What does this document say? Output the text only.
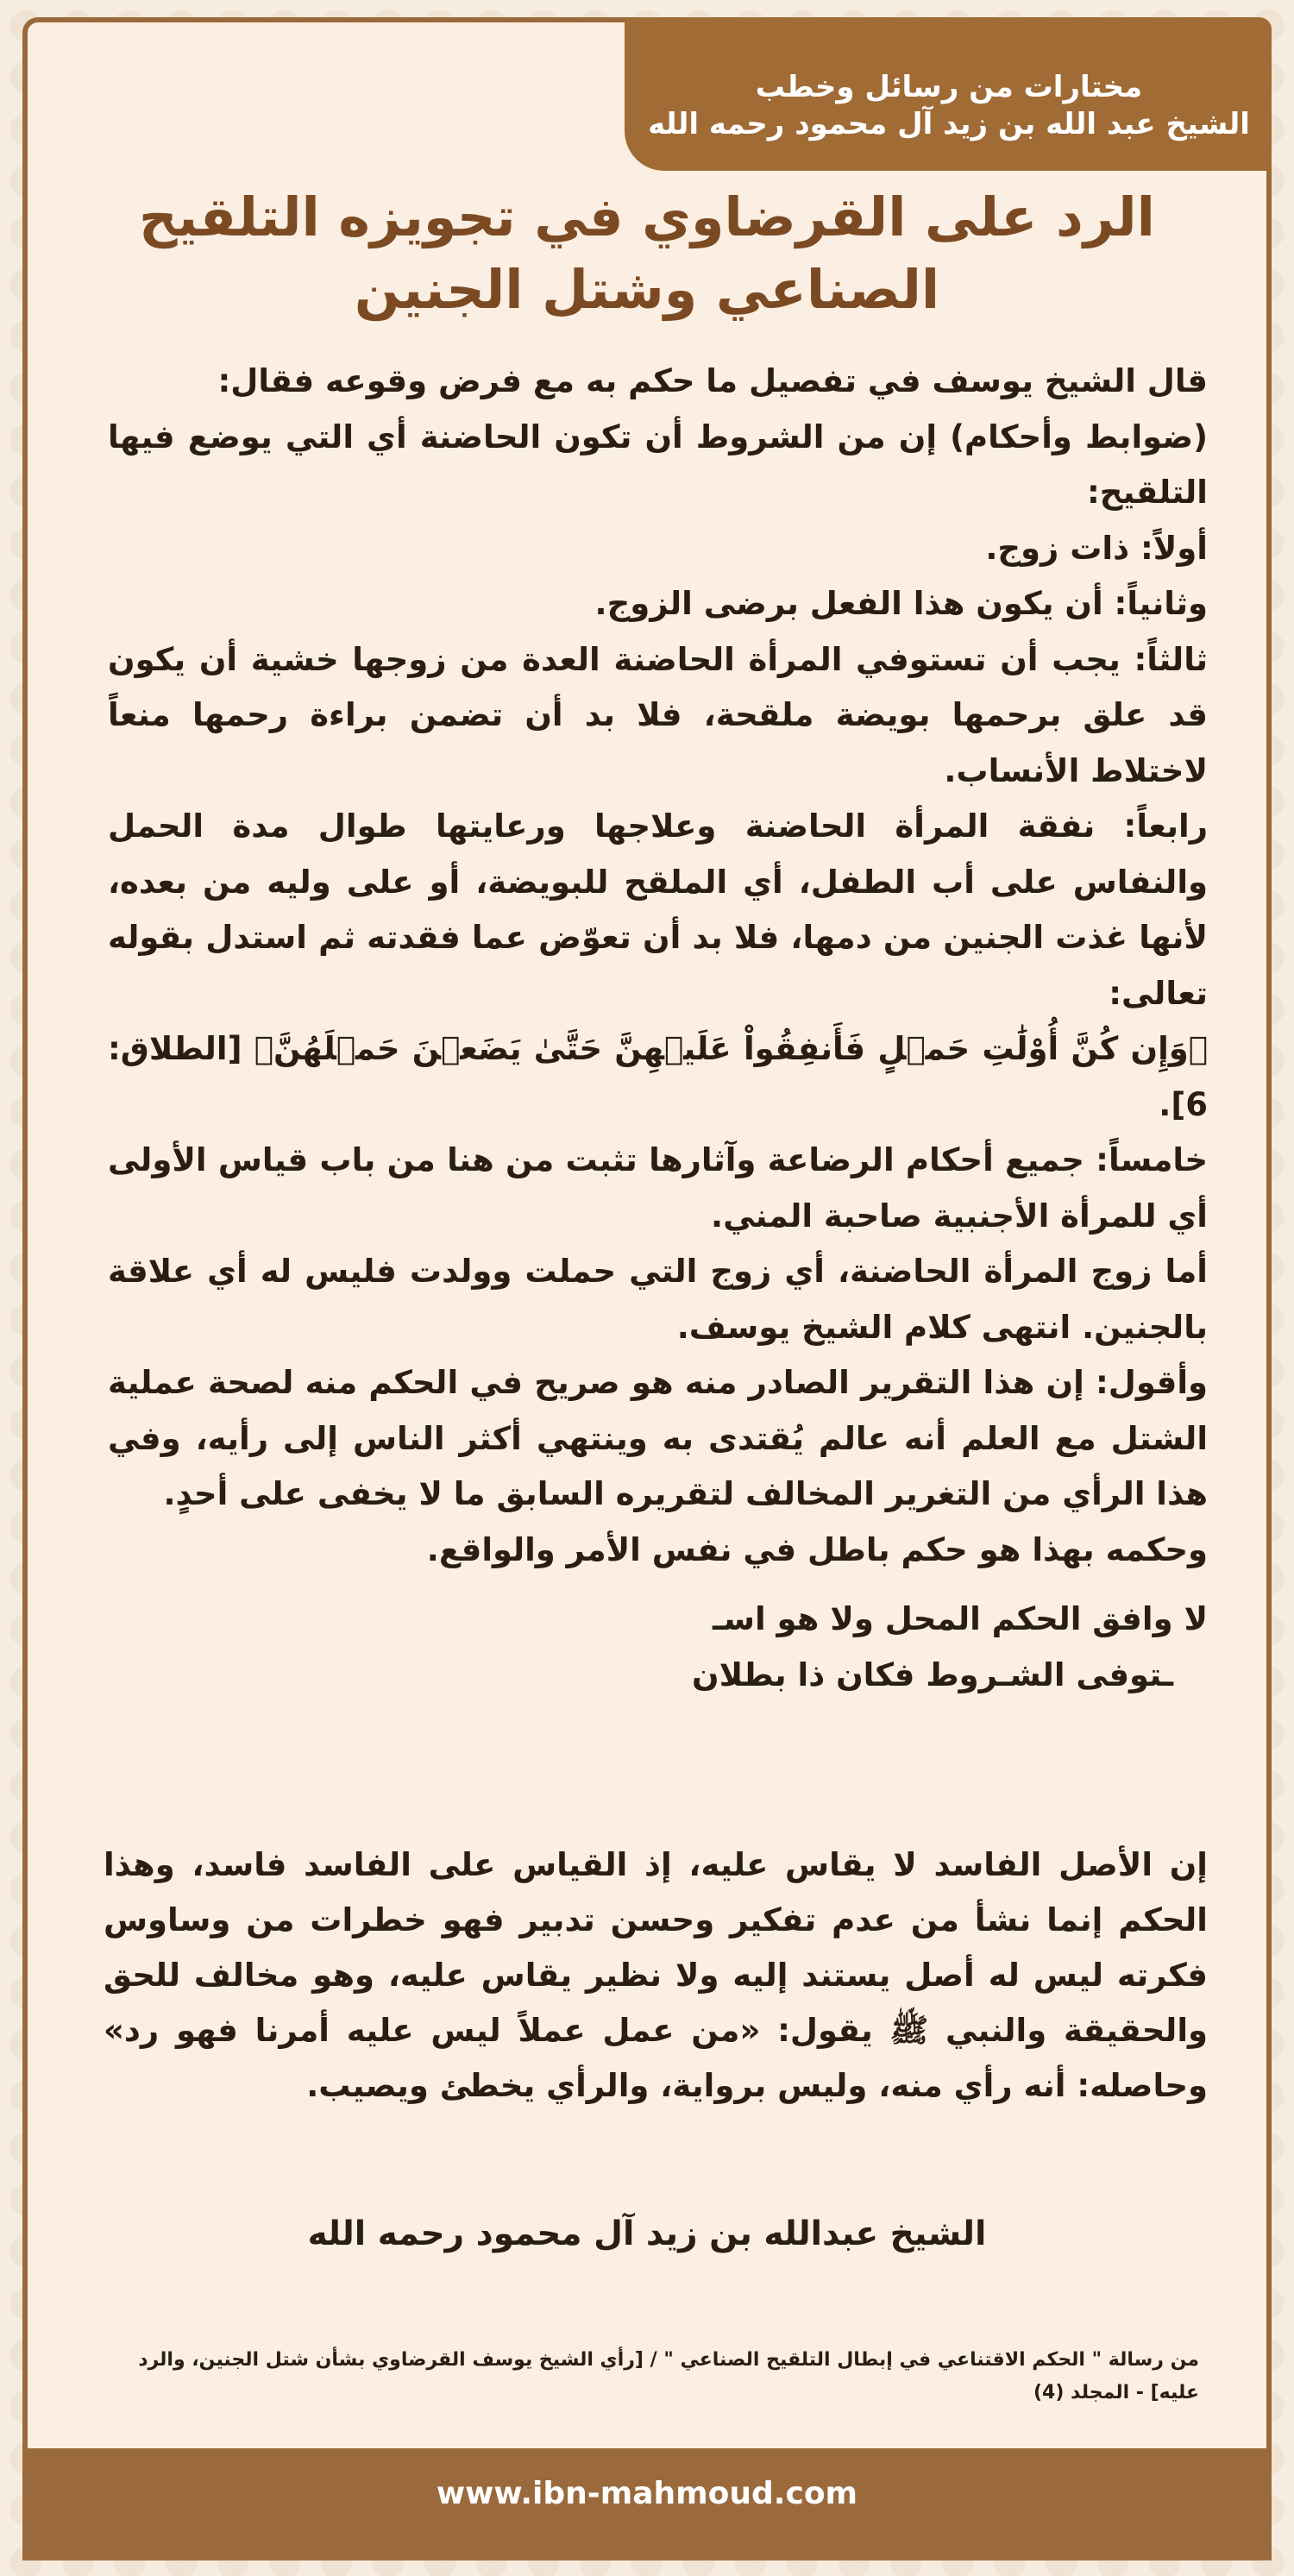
مختارات من رسائل وخطب
الشيخ عبد الله بن زيد آل محمود رحمه الله
الرد على القرضاوي في تجويزه التلقيح
الصناعي وشتل الجنين

قال الشيخ يوسف في تفصيل ما حكم به مع فرض وقوعه فقال:

(ضوابط وأحكام) إن من الشروط أن تكون الحاضنة أي التي يوضع فيها التلقيح:

أولاً: ذات زوج.

وثانياً: أن يكون هذا الفعل برضى الزوج.

ثالثاً: يجب أن تستوفي المرأة الحاضنة العدة من زوجها خشية أن يكون قد علق برحمها بويضة ملقحة، فلا بد أن تضمن براءة رحمها منعاً لاختلاط الأنساب.

رابعاً: نفقة المرأة الحاضنة وعلاجها ورعايتها طوال مدة الحمل والنفاس على أب الطفل، أي الملقح للبويضة، أو على وليه من بعده، لأنها غذت الجنين من دمها، فلا بد أن تعوّض عما فقدته ثم استدل بقوله تعالى:

﴿وَإِن كُنَّ أُوْلَٰتِ حَمۡلٍ فَأَنفِقُواْ عَلَيۡهِنَّ حَتَّىٰ يَضَعۡنَ حَمۡلَهُنَّ﴾ [الطلاق: 6].

خامساً: جميع أحكام الرضاعة وآثارها تثبت من هنا من باب قياس الأولى أي للمرأة الأجنبية صاحبة المني.

أما زوج المرأة الحاضنة، أي زوج التي حملت وولدت فليس له أي علاقة بالجنين. انتهى كلام الشيخ يوسف.

وأقول: إن هذا التقرير الصادر منه هو صريح في الحكم منه لصحة عملية الشتل مع العلم أنه عالم يُقتدى به وينتهي أكثر الناس إلى رأيه، وفي هذا الرأي من التغرير المخالف لتقريره السابق ما لا يخفى على أحدٍ.

وحكمه بهذا هو حكم باطل في نفس الأمر والواقع.

لا وافق الحكم المحل ولا هو اسـ
ـتوفى الشـروط فكان ذا بطلان
إن الأصل الفاسد لا يقاس عليه، إذ القياس على الفاسد فاسد، وهذا الحكم إنما نشأ من عدم تفكير وحسن تدبير فهو خطرات من وساوس فكرته ليس له أصل يستند إليه ولا نظير يقاس عليه، وهو مخالف للحق والحقيقة والنبي ﷺ يقول: «من عمل عملاً ليس عليه أمرنا فهو رد» وحاصله: أنه رأي منه، وليس برواية، والرأي يخطئ ويصيب.
الشيخ عبدالله بن زيد آل محمود رحمه الله
من رسالة " الحكم الاقتناعي في إبطال التلقيح الصناعي " / [رأي الشيخ يوسف القرضاوي بشأن شتل الجنين، والرد عليه] - المجلد (4)
www.ibn-mahmoud.com
